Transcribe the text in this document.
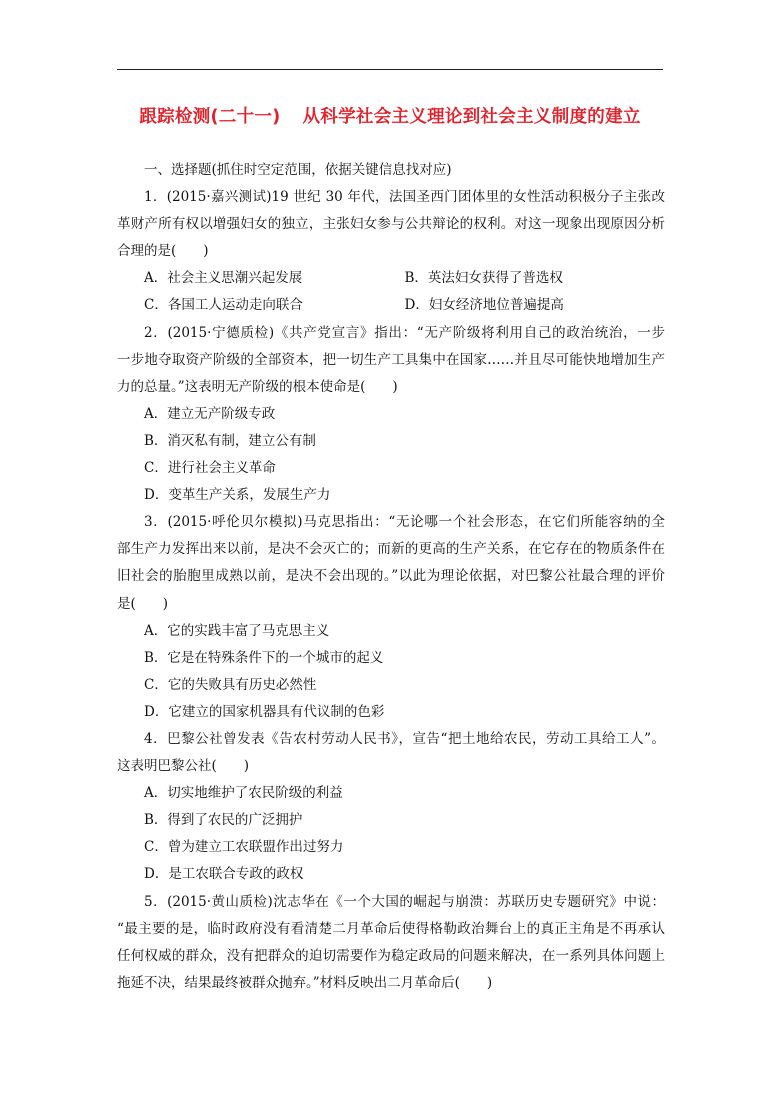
跟踪检测(二十一) 从科学社会主义理论到社会主义制度的建立
一、选择题(抓住时空定范围，依据关键信息找对应)
1．(2015·嘉兴测试)19 世纪 30 年代，法国圣西门团体里的女性活动积极分子主张改
革财产所有权以增强妇女的独立，主张妇女参与公共辩论的权利。对这一现象出现原因分析
合理的是(　　)
A．社会主义思潮兴起发展	B．英法妇女获得了普选权
C．各国工人运动走向联合	D．妇女经济地位普遍提高
2．(2015·宁德质检)《共产党宣言》指出：“无产阶级将利用自己的政治统治，一步
一步地夺取资产阶级的全部资本，把一切生产工具集中在国家……并且尽可能快地增加生产
力的总量。”这表明无产阶级的根本使命是(　　)
A．建立无产阶级专政
B．消灭私有制，建立公有制
C．进行社会主义革命
D．变革生产关系，发展生产力
3．(2015·呼伦贝尔模拟)马克思指出：“无论哪一个社会形态，在它们所能容纳的全
部生产力发挥出来以前，是决不会灭亡的；而新的更高的生产关系，在它存在的物质条件在
旧社会的胎胞里成熟以前，是决不会出现的。”以此为理论依据，对巴黎公社最合理的评价
是(　　)
A．它的实践丰富了马克思主义
B．它是在特殊条件下的一个城市的起义
C．它的失败具有历史必然性
D．它建立的国家机器具有代议制的色彩
4．巴黎公社曾发表《告农村劳动人民书》，宣告“把土地给农民，劳动工具给工人”。
这表明巴黎公社(　　)
A．切实地维护了农民阶级的利益
B．得到了农民的广泛拥护
C．曾为建立工农联盟作出过努力
D．是工农联合专政的政权
5．(2015·黄山质检)沈志华在《一个大国的崛起与崩溃：苏联历史专题研究》中说：
“最主要的是，临时政府没有看清楚二月革命后使得格勒政治舞台上的真正主角是不再承认
任何权威的群众，没有把群众的迫切需要作为稳定政局的问题来解决，在一系列具体问题上
拖延不决，结果最终被群众抛弃。”材料反映出二月革命后(　　)
